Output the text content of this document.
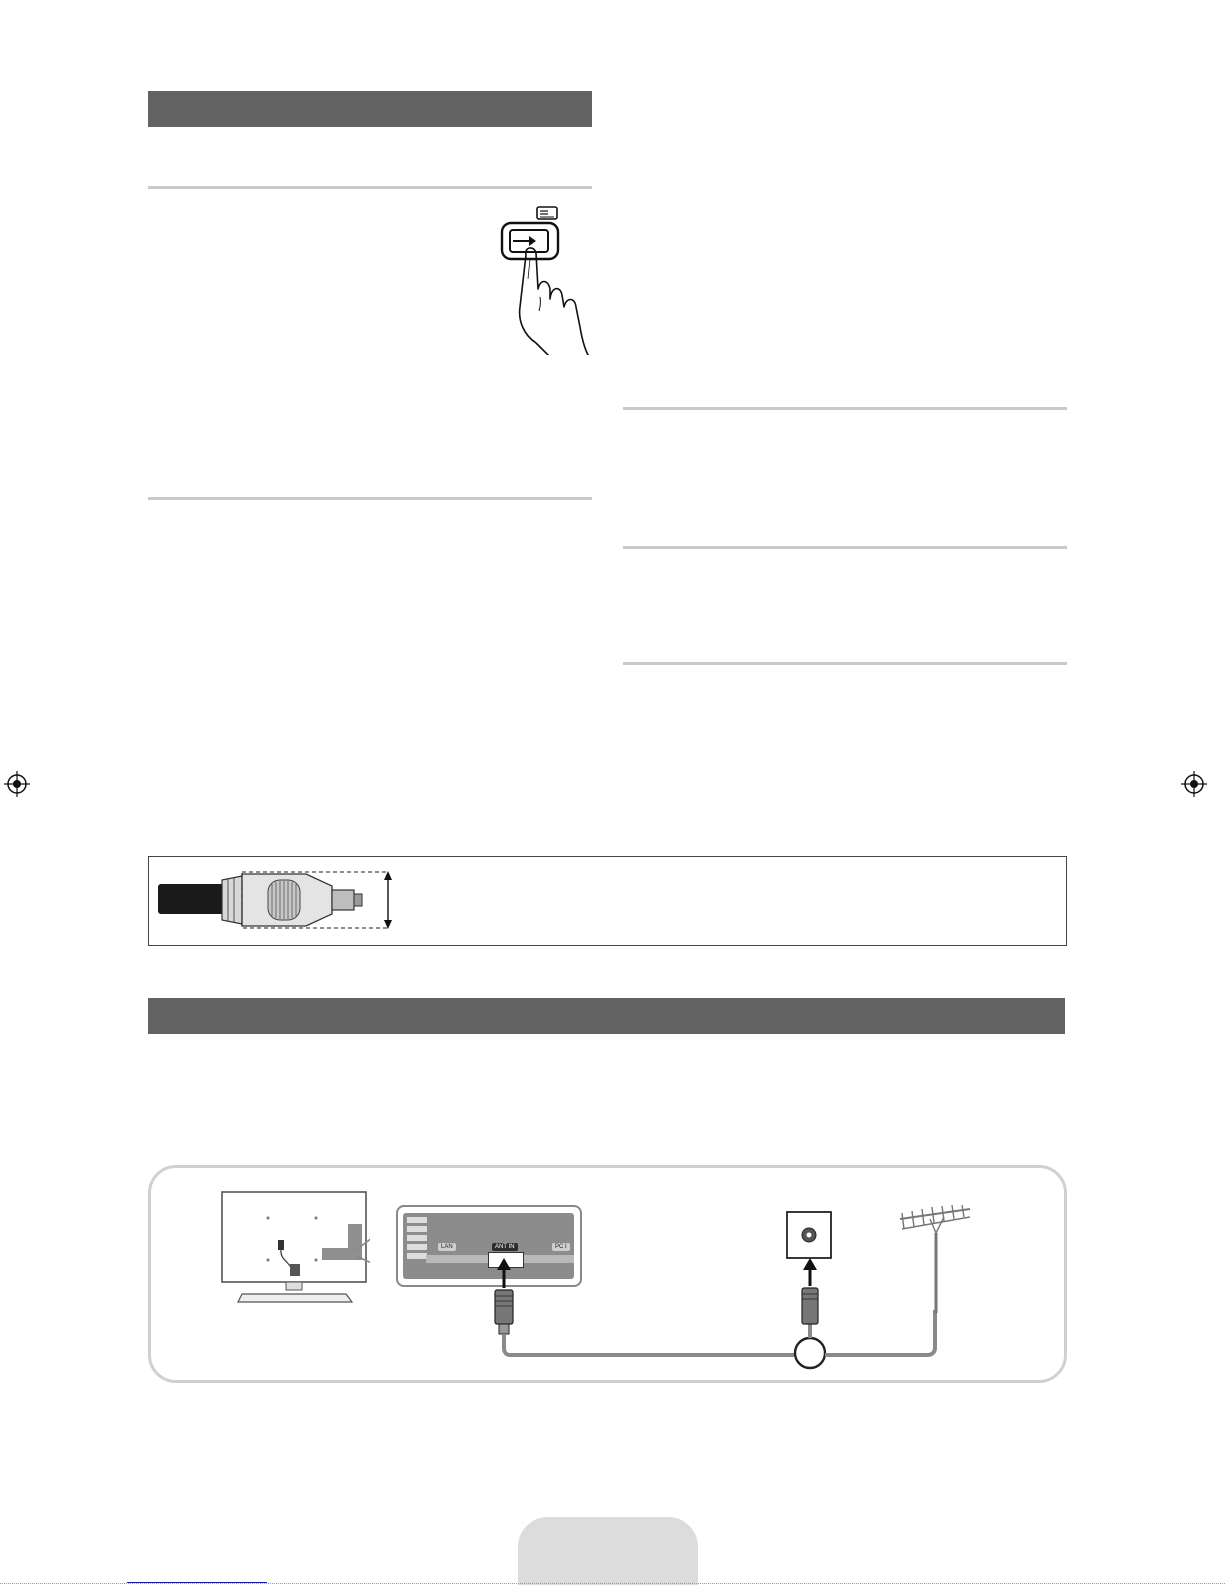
LAN	ANT IN	PC I
